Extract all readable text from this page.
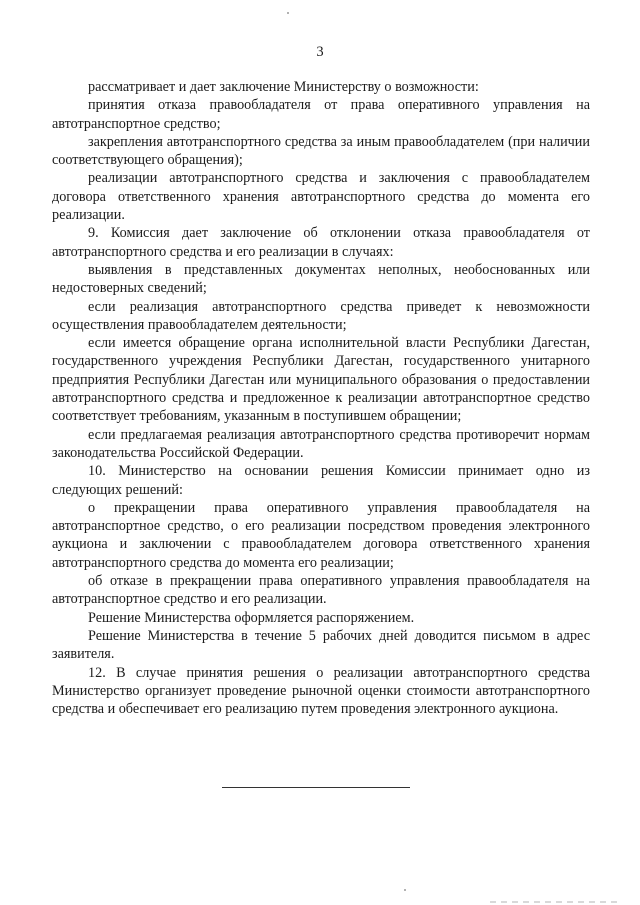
3

рассматривает и дает заключение Министерству о возможности:

принятия отказа правообладателя от права оперативного управления на автотранспортное средство;

закрепления автотранспортного средства за иным правообладателем (при наличии соответствующего обращения);

реализации автотранспортного средства и заключения с правообладателем договора ответственного хранения автотранспортного средства до момента его реализации.

9. Комиссия дает заключение об отклонении отказа правообладателя от автотранспортного средства и его реализации в случаях:

выявления в представленных документах неполных, необоснованных или недостоверных сведений;

если реализация автотранспортного средства приведет к невозможности осуществления правообладателем деятельности;

если имеется обращение органа исполнительной власти Республики Дагестан, государственного учреждения Республики Дагестан, государственного унитарного предприятия Республики Дагестан или муниципального образования о предоставлении автотранспортного средства и предложенное к реализации автотранспортное средство соответствует требованиям, указанным в поступившем обращении;

если предлагаемая реализация автотранспортного средства противоречит нормам законодательства Российской Федерации.

10. Министерство на основании решения Комиссии принимает одно из следующих решений:

о прекращении права оперативного управления правообладателя на автотранспортное средство, о его реализации посредством проведения электронного аукциона и заключении с правообладателем договора ответственного хранения автотранспортного средства до момента его реализации;

об отказе в прекращении права оперативного управления правообладателя на автотранспортное средство и его реализации.

Решение Министерства оформляется распоряжением.

Решение Министерства в течение 5 рабочих дней доводится письмом в адрес заявителя.

12. В случае принятия решения о реализации автотранспортного средства Министерство организует проведение рыночной оценки стоимости автотранспортного средства и обеспечивает его реализацию путем проведения электронного аукциона.
